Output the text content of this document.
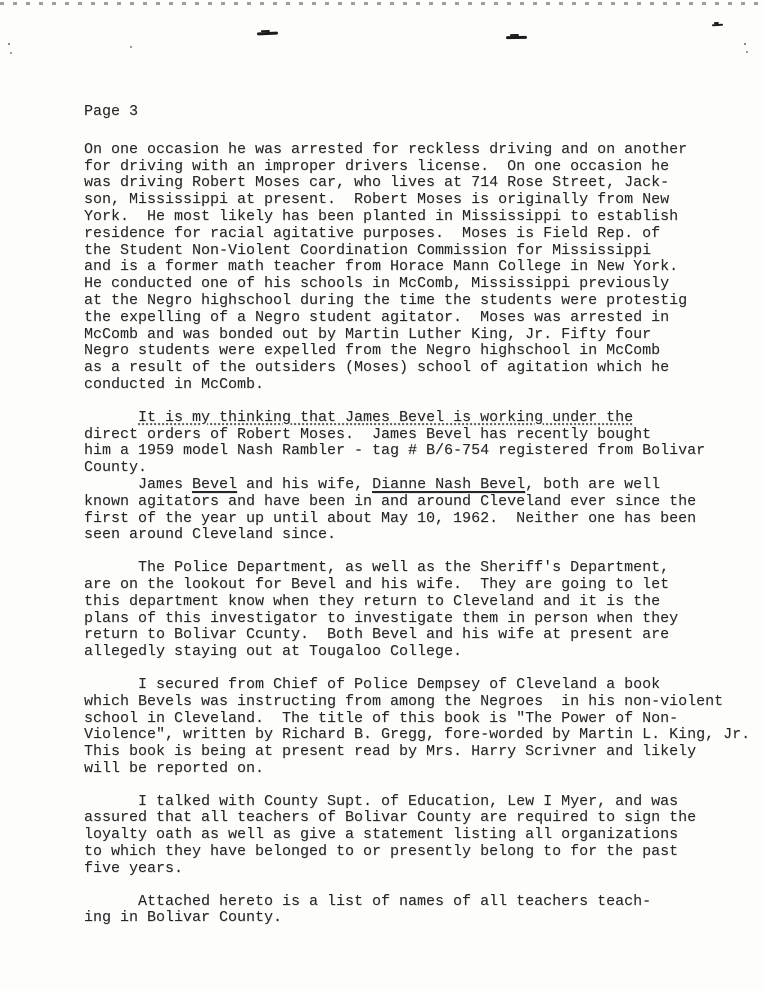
Page 3
On one occasion he was arrested for reckless driving and on another
for driving with an improper drivers license.  On one occasion he
was driving Robert Moses car, who lives at 714 Rose Street, Jack-
son, Mississippi at present.  Robert Moses is originally from New
York.  He most likely has been planted in Mississippi to establish
residence for racial agitative purposes.  Moses is Field Rep. of
the Student Non-Violent Coordination Commission for Mississippi
and is a former math teacher from Horace Mann College in New York.
He conducted one of his schools in McComb, Mississippi previously
at the Negro highschool during the time the students were protestig
the expelling of a Negro student agitator.  Moses was arrested in
McComb and was bonded out by Martin Luther King, Jr. Fifty four
Negro students were expelled from the Negro highschool in McComb
as a result of the outsiders (Moses) school of agitation which he
conducted in McComb.
It is my thinking that James Bevel is working under the
direct orders of Robert Moses.  James Bevel has recently bought
him a 1959 model Nash Rambler - tag # B/6-754 registered from Bolivar
County.
James Bevel and his wife, Dianne Nash Bevel, both are well
known agitators and have been in and around Cleveland ever since the
first of the year up until about May 10, 1962.  Neither one has been
seen around Cleveland since.
The Police Department, as well as the Sheriff's Department,
are on the lookout for Bevel and his wife.  They are going to let
this department know when they return to Cleveland and it is the
plans of this investigator to investigate them in person when they
return to Bolivar Ccunty.  Both Bevel and his wife at present are
allegedly staying out at Tougaloo College.
I secured from Chief of Police Dempsey of Cleveland a book
which Bevels was instructing from among the Negroes  in his non-violent
school in Cleveland.  The title of this book is "The Power of Non-
Violence", written by Richard B. Gregg, fore-worded by Martin L. King, Jr.
This book is being at present read by Mrs. Harry Scrivner and likely
will be reported on.
I talked with County Supt. of Education, Lew I Myer, and was
assured that all teachers of Bolivar County are required to sign the
loyalty oath as well as give a statement listing all organizations
to which they have belonged to or presently belong to for the past
five years.
Attached hereto is a list of names of all teachers teach-
ing in Bolivar County.
